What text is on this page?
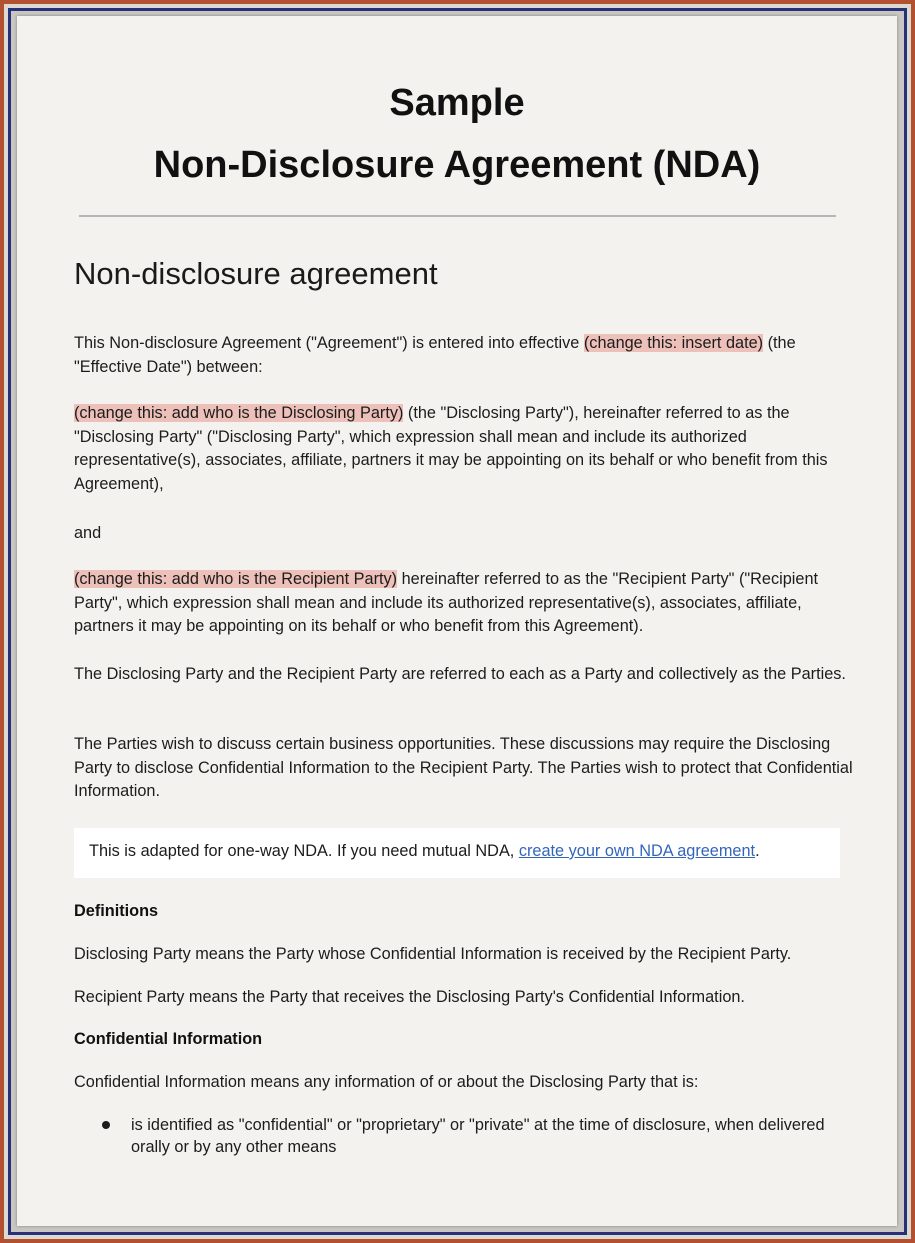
Sample
Non-Disclosure Agreement (NDA)
Non-disclosure agreement

This Non-disclosure Agreement ("Agreement") is entered into effective (change this: insert date) (the "Effective Date") between:

(change this: add who is the Disclosing Party) (the "Disclosing Party"), hereinafter referred to as the "Disclosing Party" ("Disclosing Party", which expression shall mean and include its authorized representative(s), associates, affiliate, partners it may be appointing on its behalf or who benefit from this Agreement),

and

(change this: add who is the Recipient Party) hereinafter referred to as the "Recipient Party" ("Recipient Party", which expression shall mean and include its authorized representative(s), associates, affiliate, partners it may be appointing on its behalf or who benefit from this Agreement).

The Disclosing Party and the Recipient Party are referred to each as a Party and collectively as the Parties.

The Parties wish to discuss certain business opportunities. These discussions may require the Disclosing Party to disclose Confidential Information to the Recipient Party. The Parties wish to protect that Confidential Information.

This is adapted for one-way NDA. If you need mutual NDA, create your own NDA agreement.
Definitions

Disclosing Party means the Party whose Confidential Information is received by the Recipient Party.

Recipient Party means the Party that receives the Disclosing Party's Confidential Information.

Confidential Information

Confidential Information means any information of or about the Disclosing Party that is:

is identified as "confidential" or "proprietary" or "private" at the time of disclosure, when delivered orally or by any other means
